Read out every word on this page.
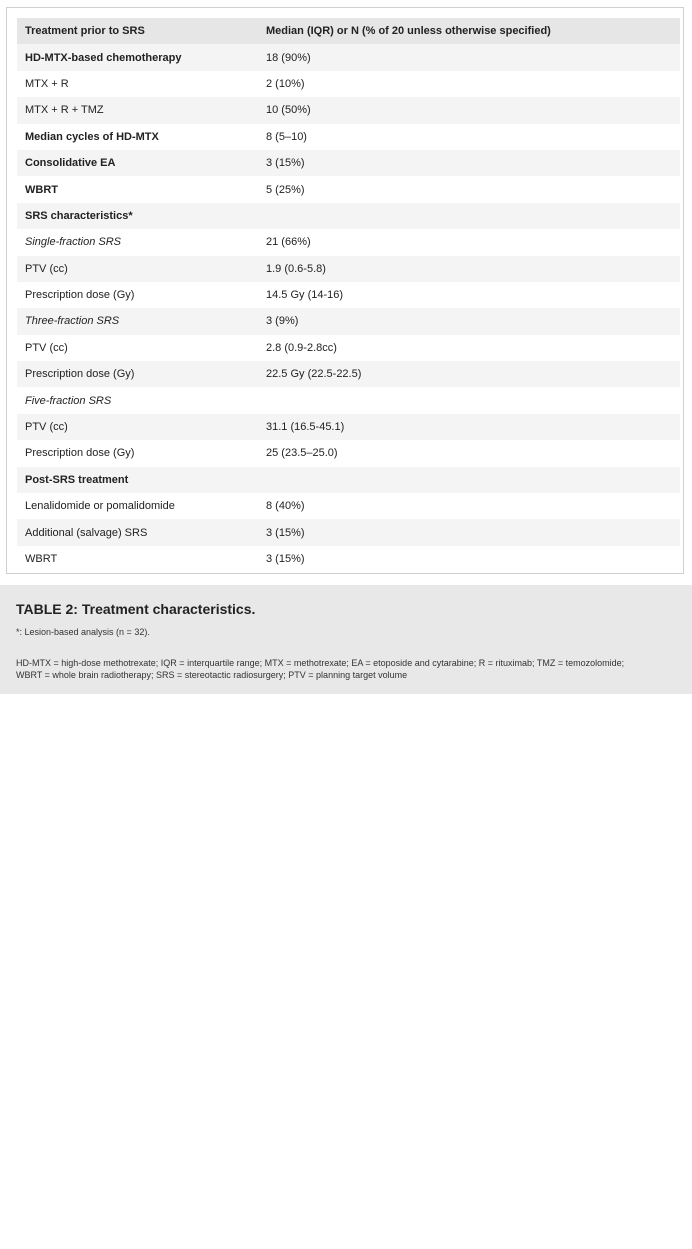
Treatment prior to SRS	Median (IQR) or N (% of 20 unless otherwise specified)
HD-MTX-based chemotherapy	18 (90%)
MTX + R	2 (10%)
MTX + R + TMZ	10 (50%)
Median cycles of HD-MTX	8 (5–10)
Consolidative EA	3 (15%)
WBRT	5 (25%)
SRS characteristics*	
Single-fraction SRS	21 (66%)
PTV (cc)	1.9 (0.6-5.8)
Prescription dose (Gy)	14.5 Gy (14-16)
Three-fraction SRS	3 (9%)
PTV (cc)	2.8 (0.9-2.8cc)
Prescription dose (Gy)	22.5 Gy (22.5-22.5)
Five-fraction SRS	
PTV (cc)	31.1 (16.5-45.1)
Prescription dose (Gy)	25 (23.5–25.0)
Post-SRS treatment	
Lenalidomide or pomalidomide	8 (40%)
Additional (salvage) SRS	3 (15%)
WBRT	3 (15%)
TABLE 2: Treatment characteristics.
*: Lesion-based analysis (n = 32).

HD-MTX = high-dose methotrexate; IQR = interquartile range; MTX = methotrexate; EA = etoposide and cytarabine; R = rituximab; TMZ = temozolomide;
WBRT = whole brain radiotherapy; SRS = stereotactic radiosurgery; PTV = planning target volume
